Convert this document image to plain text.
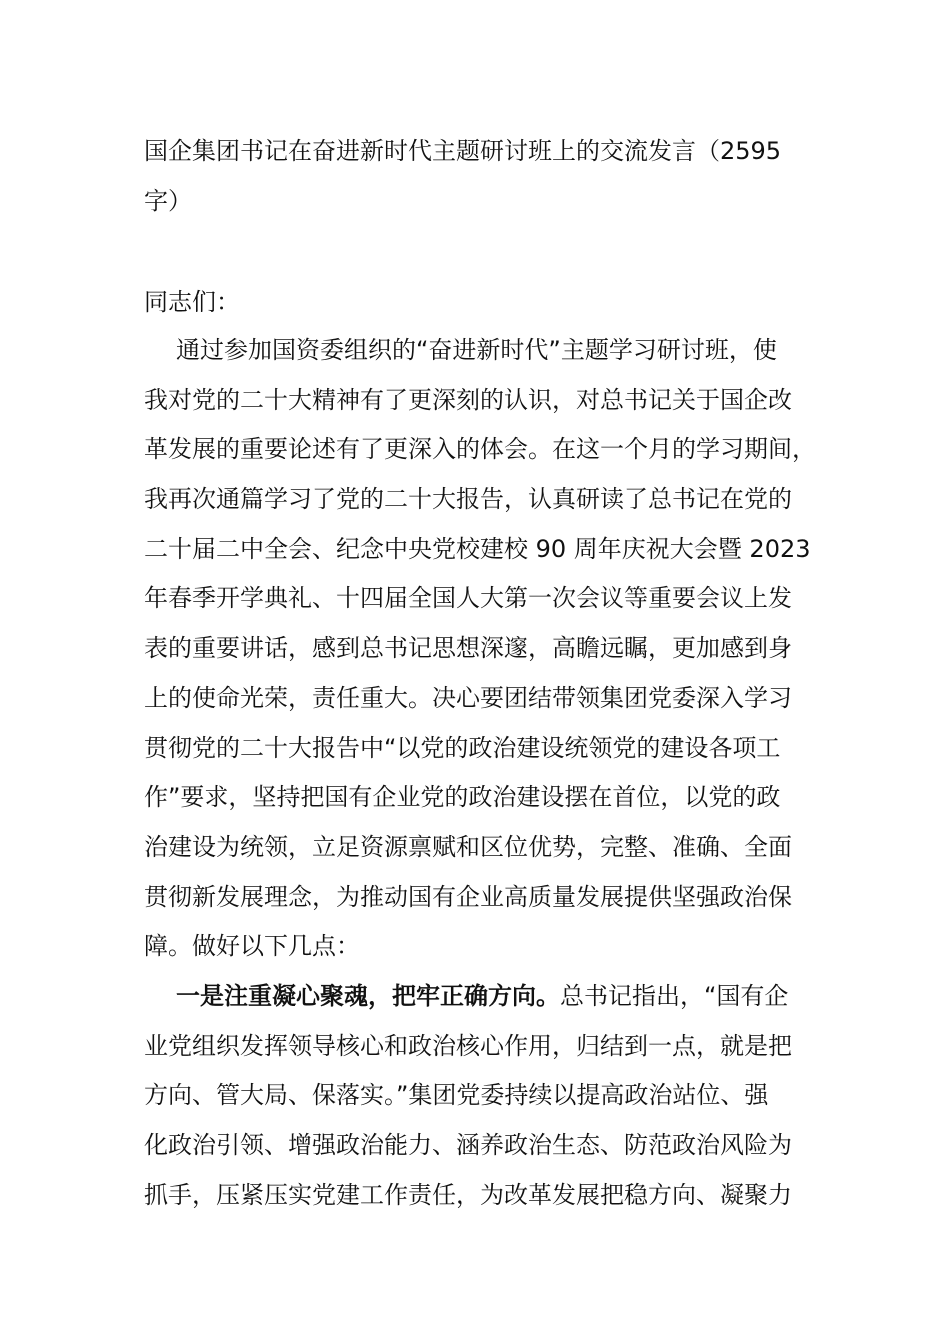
国企集团书记在奋进新时代主题研讨班上的交流发言（2595
字）
同志们：
通过参加国资委组织的“奋进新时代”主题学习研讨班，使
我对党的二十大精神有了更深刻的认识，对总书记关于国企改
革发展的重要论述有了更深入的体会。在这一个月的学习期间，
我再次通篇学习了党的二十大报告，认真研读了总书记在党的
二十届二中全会、纪念中央党校建校 90 周年庆祝大会暨 2023
年春季开学典礼、十四届全国人大第一次会议等重要会议上发
表的重要讲话，感到总书记思想深邃，高瞻远瞩，更加感到身
上的使命光荣，责任重大。决心要团结带领集团党委深入学习
贯彻党的二十大报告中“以党的政治建设统领党的建设各项工
作”要求，坚持把国有企业党的政治建设摆在首位，以党的政
治建设为统领，立足资源禀赋和区位优势，完整、准确、全面
贯彻新发展理念，为推动国有企业高质量发展提供坚强政治保
障。做好以下几点：
一是注重凝心聚魂，把牢正确方向。总书记指出，“国有企
业党组织发挥领导核心和政治核心作用，归结到一点，就是把
方向、管大局、保落实。”集团党委持续以提高政治站位、强
化政治引领、增强政治能力、涵养政治生态、防范政治风险为
抓手，压紧压实党建工作责任，为改革发展把稳方向、凝聚力
